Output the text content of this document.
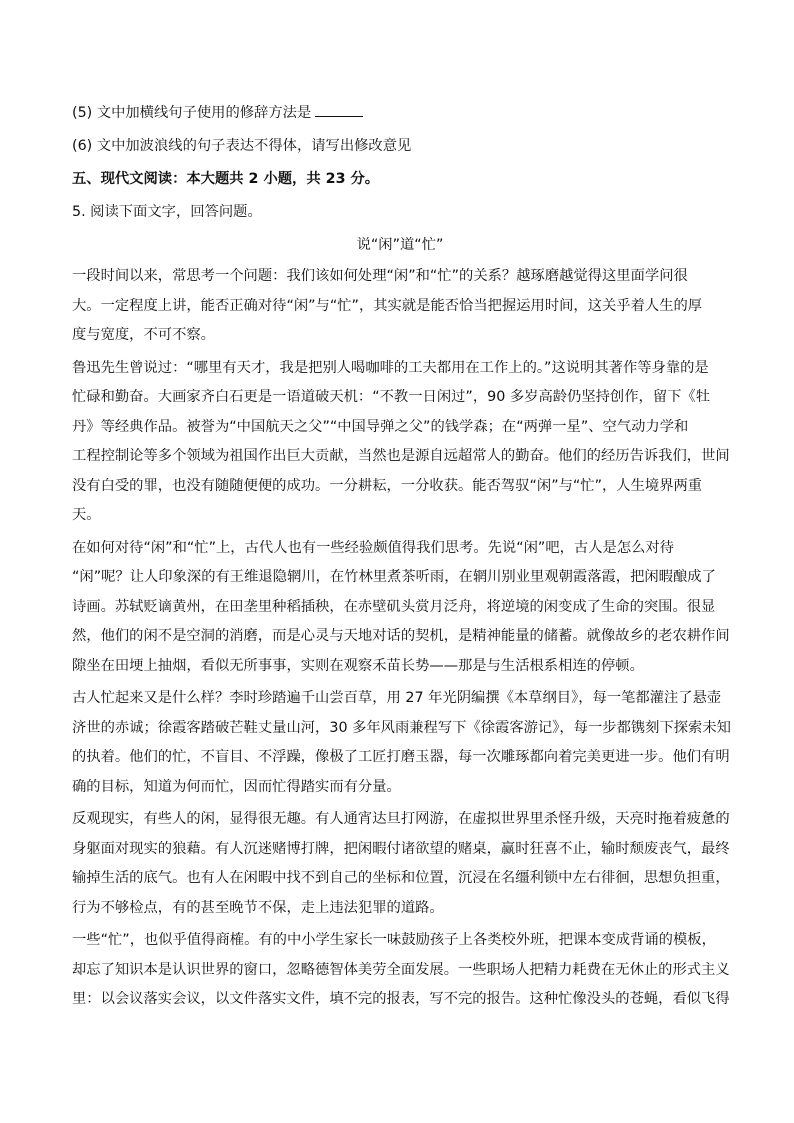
(5) 文中加横线句子使用的修辞方法是

(6) 文中加波浪线的句子表达不得体，请写出修改意见

五、现代文阅读：本大题共 2 小题，共 23 分。

5. 阅读下面文字，回答问题。

说“闲”道“忙”

一段时间以来，常思考一个问题：我们该如何处理“闲”和“忙”的关系？越琢磨越觉得这里面学问很

大。一定程度上讲，能否正确对待“闲”与“忙”，其实就是能否恰当把握运用时间，这关乎着人生的厚

度与宽度，不可不察。

鲁迅先生曾说过：“哪里有天才，我是把别人喝咖啡的工夫都用在工作上的。”这说明其著作等身靠的是

忙碌和勤奋。大画家齐白石更是一语道破天机：“不教一日闲过”，90 多岁高龄仍坚持创作，留下《牡

丹》等经典作品。被誉为“中国航天之父”“中国导弹之父”的钱学森；在“两弹一星”、空气动力学和

工程控制论等多个领域为祖国作出巨大贡献，当然也是源自远超常人的勤奋。他们的经历告诉我们，世间

没有白受的罪，也没有随随便便的成功。一分耕耘，一分收获。能否驾驭“闲”与“忙”，人生境界两重

天。

在如何对待“闲”和“忙”上，古代人也有一些经验颇值得我们思考。先说“闲”吧，古人是怎么对待

“闲”呢？让人印象深的有王维退隐辋川，在竹林里煮茶听雨，在辋川别业里观朝霞落霞，把闲暇酿成了

诗画。苏轼贬谪黄州，在田垄里种稻插秧，在赤壁矶头赏月泛舟，将逆境的闲变成了生命的突围。很显

然，他们的闲不是空洞的消磨，而是心灵与天地对话的契机，是精神能量的储蓄。就像故乡的老农耕作间

隙坐在田埂上抽烟，看似无所事事，实则在观察禾苗长势——那是与生活根系相连的停顿。

古人忙起来又是什么样？李时珍踏遍千山尝百草，用 27 年光阴编撰《本草纲目》，每一笔都灌注了悬壶

济世的赤诚；徐霞客踏破芒鞋丈量山河，30 多年风雨兼程写下《徐霞客游记》，每一步都镌刻下探索未知

的执着。他们的忙，不盲目、不浮躁，像极了工匠打磨玉器，每一次雕琢都向着完美更进一步。他们有明

确的目标，知道为何而忙，因而忙得踏实而有分量。

反观现实，有些人的闲，显得很无趣。有人通宵达旦打网游，在虚拟世界里杀怪升级，天亮时拖着疲惫的

身躯面对现实的狼藉。有人沉迷赌博打牌，把闲暇付诸欲望的赌桌，赢时狂喜不止，输时颓废丧气，最终

输掉生活的底气。也有人在闲暇中找不到自己的坐标和位置，沉浸在名缰利锁中左右徘徊，思想负担重，

行为不够检点，有的甚至晚节不保，走上违法犯罪的道路。

一些“忙”，也似乎值得商榷。有的中小学生家长一味鼓励孩子上各类校外班，把课本变成背诵的模板，

却忘了知识本是认识世界的窗口，忽略德智体美劳全面发展。一些职场人把精力耗费在无休止的形式主义

里：以会议落实会议，以文件落实文件，填不完的报表，写不完的报告。这种忙像没头的苍蝇，看似飞得
